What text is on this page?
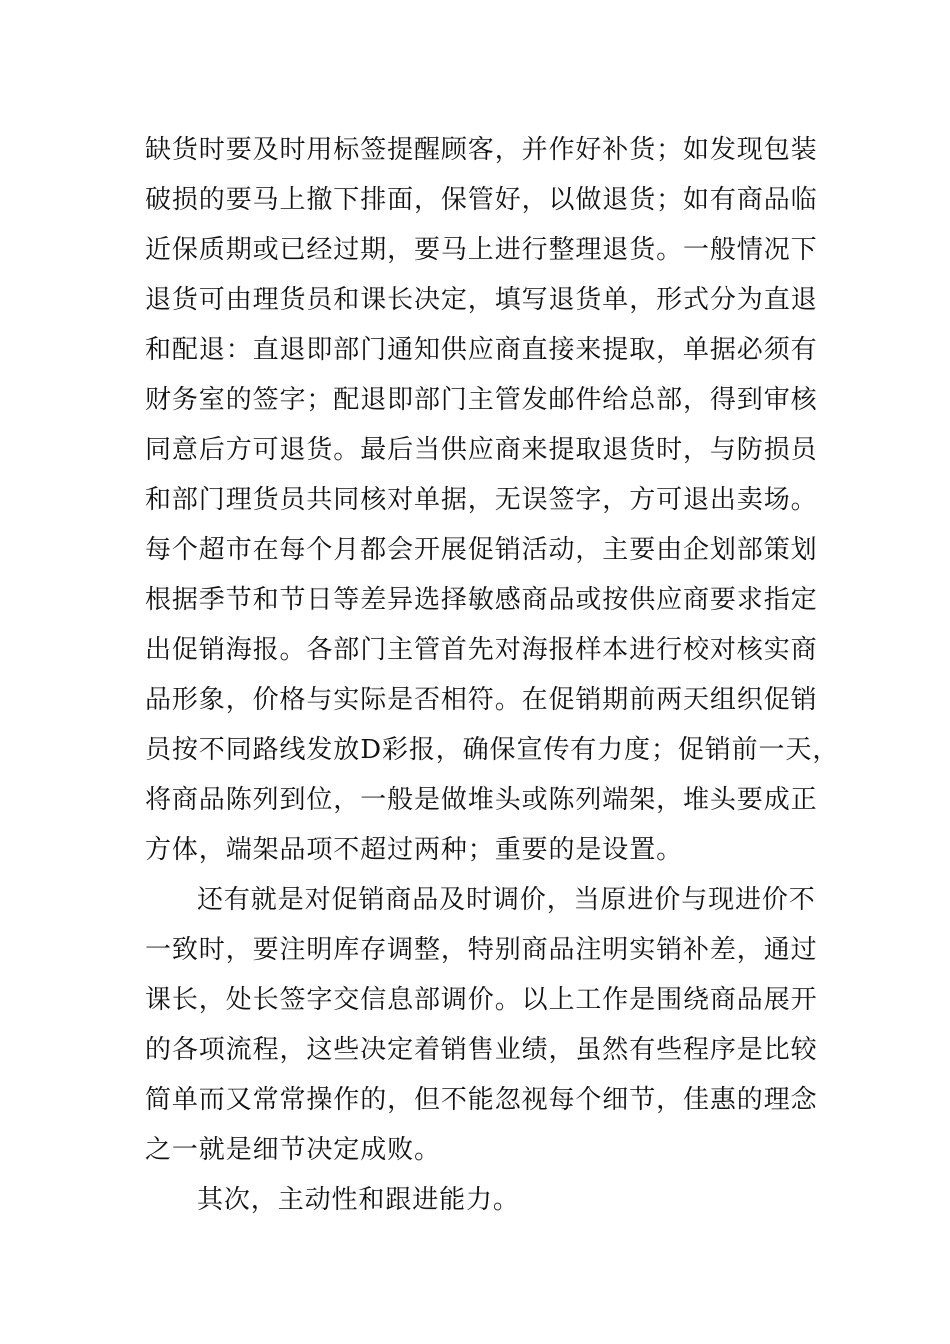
缺货时要及时用标签提醒顾客，并作好补货；如发现包装
破损的要马上撤下排面，保管好，以做退货；如有商品临
近保质期或已经过期，要马上进行整理退货。一般情况下
退货可由理货员和课长决定，填写退货单，形式分为直退
和配退：直退即部门通知供应商直接来提取，单据必须有
财务室的签字；配退即部门主管发邮件给总部，得到审核
同意后方可退货。最后当供应商来提取退货时，与防损员
和部门理货员共同核对单据，无误签字，方可退出卖场。
每个超市在每个月都会开展促销活动，主要由企划部策划
根据季节和节日等差异选择敏感商品或按供应商要求指定
出促销海报。各部门主管首先对海报样本进行校对核实商
品形象，价格与实际是否相符。在促销期前两天组织促销
员按不同路线发放D彩报，确保宣传有力度；促销前一天，
将商品陈列到位，一般是做堆头或陈列端架，堆头要成正
方体，端架品项不超过两种；重要的是设置。
还有就是对促销商品及时调价，当原进价与现进价不
一致时，要注明库存调整，特别商品注明实销补差，通过
课长，处长签字交信息部调价。以上工作是围绕商品展开
的各项流程，这些决定着销售业绩，虽然有些程序是比较
简单而又常常操作的，但不能忽视每个细节，佳惠的理念
之一就是细节决定成败。
其次，主动性和跟进能力。
